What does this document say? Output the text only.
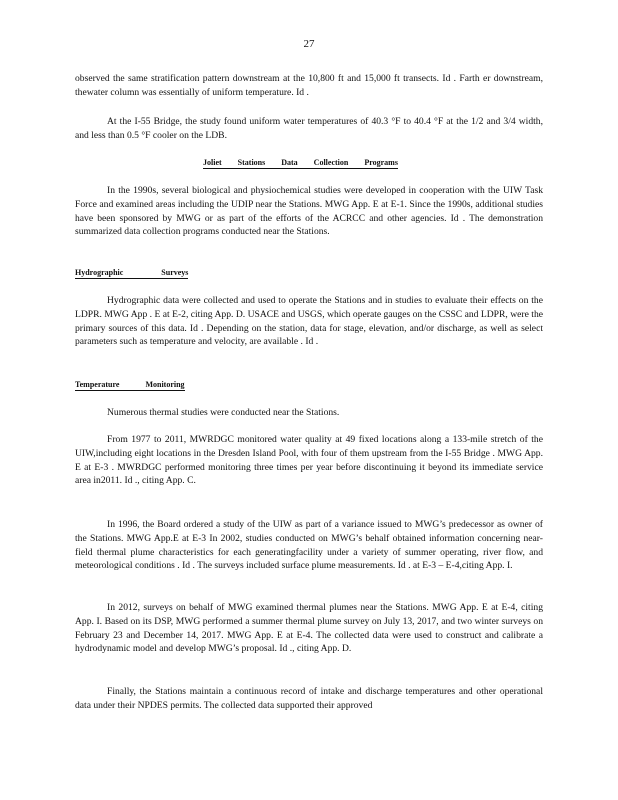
27

observed the same stratification pattern downstream at the 10,800 ft and 15,000 ft transects. Id . Farth er downstream, thewater column was essentially of uniform temperature. Id .

At the I-55 Bridge, the study found uniform water temperatures of 40.3 °F to 40.4 °F at the 1/2 and 3/4 width, and less than 0.5 °F cooler on the LDB.

Joliet Stations Data Collection Programs

In the 1990s, several biological and physiochemical studies were developed in cooperation with the UIW Task Force and examined areas including the UDIP near the Stations. MWG App. E at E-1. Since the 1990s, additional studies have been sponsored by MWG or as part of the efforts of the ACRCC and other agencies. Id . The demonstration summarized data collection programs conducted near the Stations.

Hydrographic Surveys

Hydrographic data were collected and used to operate the Stations and in studies to evaluate their effects on the LDPR. MWG App . E at E-2, citing App. D. USACE and USGS, which operate gauges on the CSSC and LDPR, were the primary sources of this data. Id . Depending on the station, data for stage, elevation, and/or discharge, as well as select parameters such as temperature and velocity, are available . Id .

Temperature Monitoring

Numerous thermal studies were conducted near the Stations.

From 1977 to 2011, MWRDGC monitored water quality at 49 fixed locations along a 133-mile stretch of the UIW,including eight locations in the Dresden Island Pool, with four of them upstream from the I-55 Bridge . MWG App. E at E-3 . MWRDGC performed monitoring three times per year before discontinuing it beyond its immediate service area in2011. Id ., citing App. C.

In 1996, the Board ordered a study of the UIW as part of a variance issued to MWG’s predecessor as owner of the Stations. MWG App.E at E-3 In 2002, studies conducted on MWG’s behalf obtained information concerning near-field thermal plume characteristics for each generatingfacility under a variety of summer operating, river flow, and meteorological conditions . Id . The surveys included surface plume measurements. Id . at E-3 – E-4,citing App. I.

In 2012, surveys on behalf of MWG examined thermal plumes near the Stations. MWG App. E at E-4, citing App. I. Based on its DSP, MWG performed a summer thermal plume survey on July 13, 2017, and two winter surveys on February 23 and December 14, 2017. MWG App. E at E-4. The collected data were used to construct and calibrate a hydrodynamic model and develop MWG’s proposal. Id ., citing App. D.

Finally, the Stations maintain a continuous record of intake and discharge temperatures and other operational data under their NPDES permits. The collected data supported their approved
